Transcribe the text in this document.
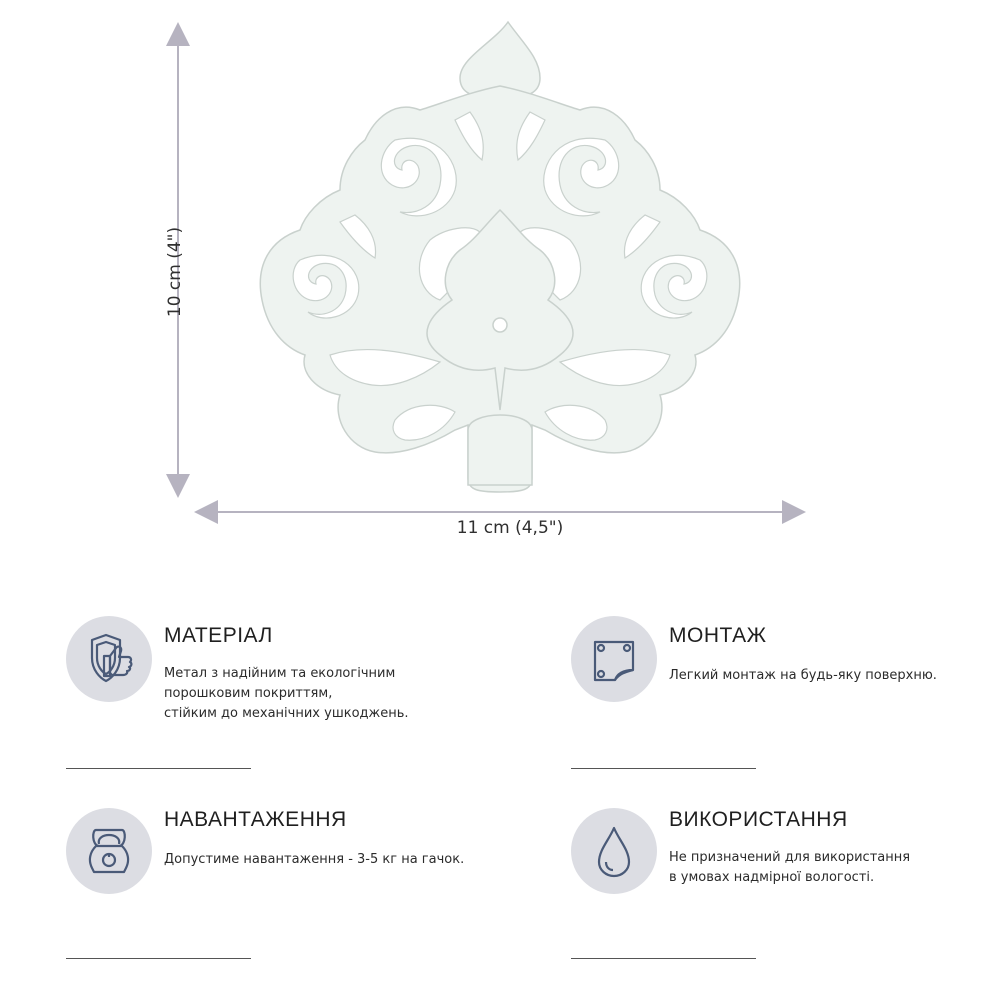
10 cm (4")
11 cm (4,5")
МАТЕРІАЛ
Метал з надійним та екологічним
порошковим покриттям,
стійким до механічних ушкоджень.
МОНТАЖ
Легкий монтаж на будь-яку поверхню.
НАВАНТАЖЕННЯ
Допустиме навантаження - 3-5 кг на гачок.
ВИКОРИСТАННЯ
Не призначений для використання
в умовах надмірної вологості.
